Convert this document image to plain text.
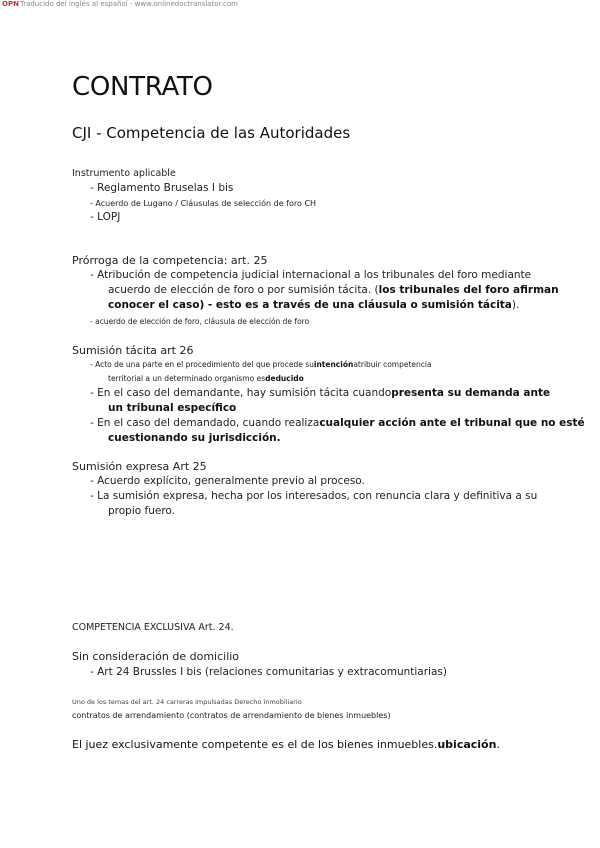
OPNTraducido del inglés al español - www.onlinedoctranslator.com
CONTRATO
CJI - Competencia de las Autoridades
Instrumento aplicable
- Reglamento Bruselas I bis
- Acuerdo de Lugano / Cláusulas de selección de foro CH
- LOPJ
Prórroga de la competencia: art. 25
- Atribución de competencia judicial internacional a los tribunales del foro mediante
acuerdo de elección de foro o por sumisión tácita. (los tribunales del foro afirman
conocer el caso) - esto es a través de una cláusula o sumisión tácita).
- acuerdo de elección de foro, cláusula de elección de foro
Sumisión tácita art 26
- Acto de una parte en el procedimiento del que procede suintenciónatribuir competencia
territorial a un determinado organismo esdeducido
- En el caso del demandante, hay sumisión tácita cuandopresenta su demanda ante
un tribunal específico
- En el caso del demandado, cuando realizacualquier acción ante el tribunal que no esté
cuestionando su jurisdicción.
Sumisión expresa Art 25
- Acuerdo explícito, generalmente previo al proceso.
- La sumisión expresa, hecha por los interesados, con renuncia clara y definitiva a su
propio fuero.
COMPETENCIA EXCLUSIVA Art. 24.
Sin consideración de domicilio
- Art 24 Brussles I bis (relaciones comunitarias y extracomuntiarias)
Uno de los temas del art. 24 carreras impulsadas Derecho inmobiliario
contratos de arrendamiento (contratos de arrendamiento de bienes inmuebles)
El juez exclusivamente competente es el de los bienes inmuebles.ubicación.
